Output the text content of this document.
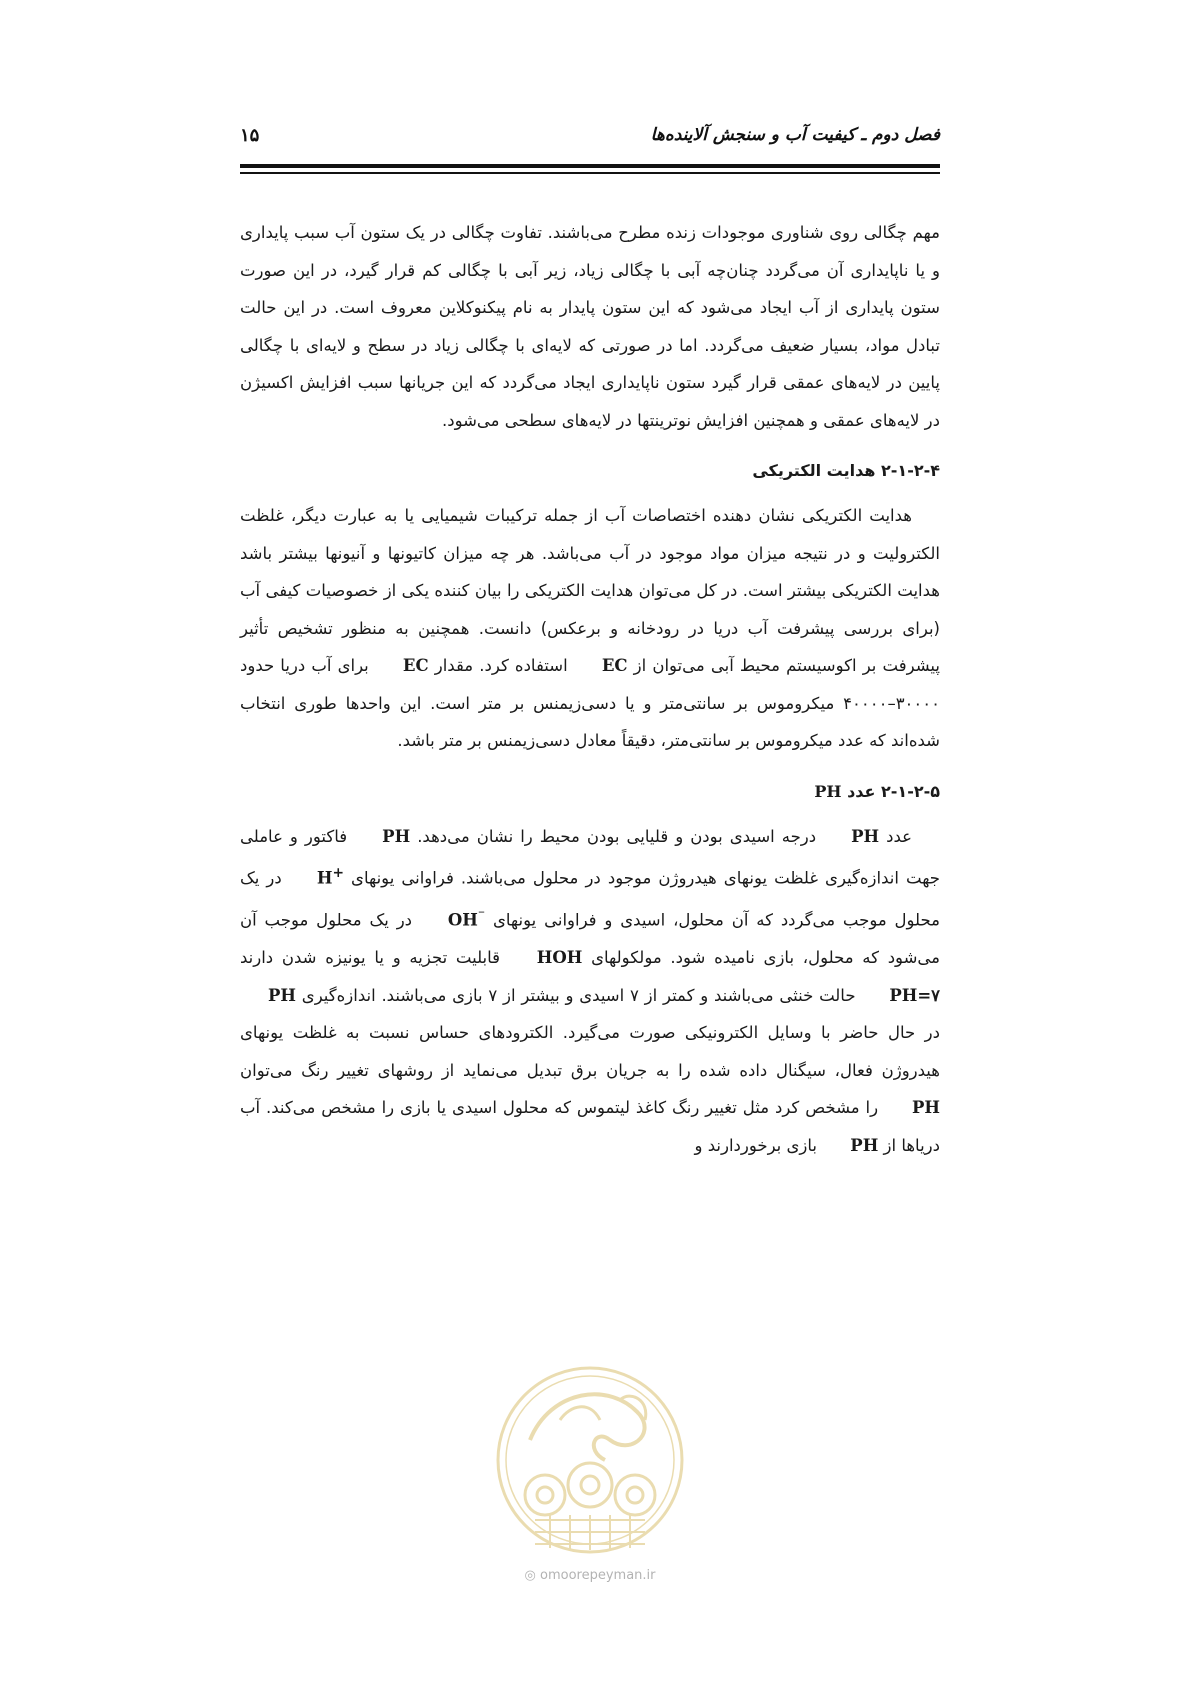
فصل دوم ـ کیفیت آب و سنجش آلاینده‌ها
۱۵

مهم چگالی روی شناوری موجودات زنده مطرح می‌باشند. تفاوت چگالی در یک ستون آب سبب پایداری و یا ناپایداری آن می‌گردد چنان‌چه آبی با چگالی زیاد، زیر آبی با چگالی کم قرار گیرد، در این صورت ستون پایداری از آب ایجاد می‌شود که این ستون پایدار به نام پیکنوکلاین معروف است. در این حالت تبادل مواد، بسیار ضعیف می‌گردد. اما در صورتی که لایه‌ای با چگالی زیاد در سطح و لایه‌ای با چگالی پایین در لایه‌های عمقی قرار گیرد ستون ناپایداری ایجاد می‌گردد که این جریانها سبب افزایش اکسیژن در لایه‌های عمقی و همچنین افزایش نوترینتها در لایه‌های سطحی می‌شود.

۲-۱-۲-۴ هدایت الکتریکی

هدایت الکتریکی نشان دهنده اختصاصات آب از جمله ترکیبات شیمیایی یا به عبارت دیگر، غلظت الکترولیت و در نتیجه میزان مواد موجود در آب می‌باشد. هر چه میزان کاتیونها و آنیونها بیشتر باشد هدایت الکتریکی بیشتر است. در کل می‌توان هدایت الکتریکی را بیان کننده یکی از خصوصیات کیفی آب (برای بررسی پیشرفت آب دریا در رودخانه و برعکس) دانست. همچنین به منظور تشخیص تأثیر پیشرفت بر اکوسیستم محیط آبی می‌توان از EC استفاده کرد. مقدار EC برای آب دریا حدود ۳۰۰۰۰–۴۰۰۰۰ میکروموس بر سانتی‌متر و یا دسی‌زیمنس بر متر است. این واحدها طوری انتخاب شده‌اند که عدد میکروموس بر سانتی‌متر، دقیقاً معادل دسی‌زیمنس بر متر باشد.

۲-۱-۲-۵ عدد PH

عدد PH درجه اسیدی بودن و قلیایی بودن محیط را نشان می‌دهد. PH فاکتور و عاملی جهت اندازه‌گیری غلظت یونهای هیدروژن موجود در محلول می‌باشند. فراوانی یونهای H+ در یک محلول موجب می‌گردد که آن محلول، اسیدی و فراوانی یونهای OH⁻ در یک محلول موجب آن می‌شود که محلول، بازی نامیده شود. مولکولهای HOH قابلیت تجزیه و یا یونیزه شدن دارند PH=۷ حالت خنثی می‌باشند و کمتر از ۷ اسیدی و بیشتر از ۷ بازی می‌باشند. اندازه‌گیری PH در حال حاضر با وسایل الکترونیکی صورت می‌گیرد. الکترودهای حساس نسبت به غلظت یونهای هیدروژن فعال، سیگنال داده شده را به جریان برق تبدیل می‌نماید از روشهای تغییر رنگ می‌توان PH را مشخص کرد مثل تغییر رنگ کاغذ لیتموس که محلول اسیدی یا بازی را مشخص می‌کند. آب دریاها از PH بازی برخوردارند و

◎ omoorepeyman.ir
